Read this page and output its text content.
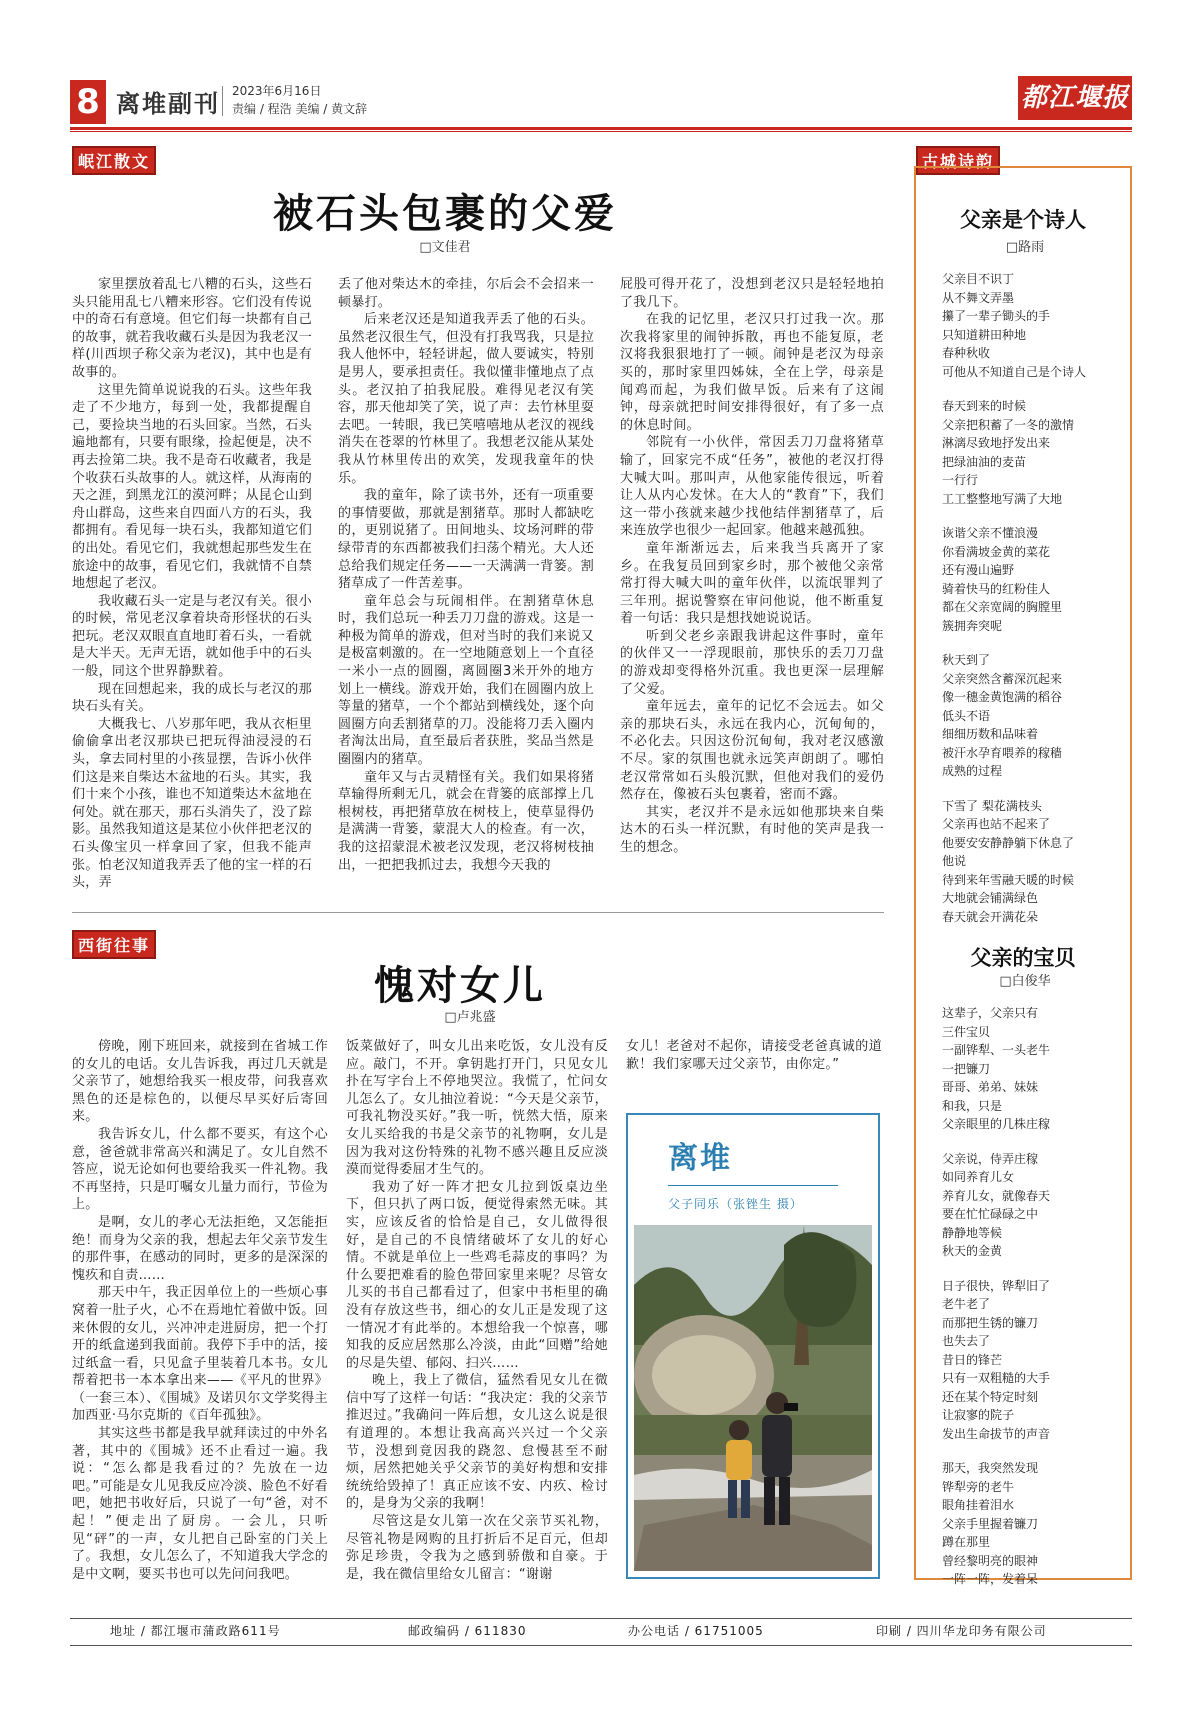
8 离堆副刊 2023年6月16日
责编 / 程浩 美编 / 黄文辞	都江堰报
岷江散文
被石头包裹的父爱
□文佳君

家里摆放着乱七八糟的石头，这些石头只能用乱七八糟来形容。它们没有传说中的奇石有意境。但它们每一块都有自己的故事，就若我收藏石头是因为我老汉一样(川西坝子称父亲为老汉)，其中也是有故事的。

这里先简单说说我的石头。这些年我走了不少地方，每到一处，我都提醒自己，要捡块当地的石头回家。当然，石头遍地都有，只要有眼缘，捡起便是，决不再去捡第二块。我不是奇石收藏者，我是个收获石头故事的人。就这样，从海南的天之涯，到黑龙江的漠河畔；从昆仑山到舟山群岛，这些来自四面八方的石头，我都拥有。看见每一块石头，我都知道它们的出处。看见它们，我就想起那些发生在旅途中的故事，看见它们，我就情不自禁地想起了老汉。

我收藏石头一定是与老汉有关。很小的时候，常见老汉拿着块奇形怪状的石头把玩。老汉双眼直直地盯着石头，一看就是大半天。无声无语，就如他手中的石头一般，同这个世界静默着。

现在回想起来，我的成长与老汉的那块石头有关。

大概我七、八岁那年吧，我从衣柜里偷偷拿出老汉那块已把玩得油浸浸的石头，拿去同村里的小孩显摆，告诉小伙伴们这是来自柴达木盆地的石头。其实，我们十来个小孩，谁也不知道柴达木盆地在何处。就在那天，那石头消失了，没了踪影。虽然我知道这是某位小伙伴把老汉的石头像宝贝一样拿回了家，但我不能声张。怕老汉知道我弄丢了他的宝一样的石头，弄

丢了他对柴达木的牵挂，尔后会不会招来一顿暴打。

后来老汉还是知道我弄丢了他的石头。虽然老汉很生气，但没有打我骂我，只是拉我人他怀中，轻轻讲起，做人要诚实，特别是男人，要承担责任。我似懂非懂地点了点头。老汉拍了拍我屁股。难得见老汉有笑容，那天他却笑了笑，说了声：去竹林里耍去吧。一转眼，我已笑嘻嘻地从老汉的视线消失在苍翠的竹林里了。我想老汉能从某处我从竹林里传出的欢笑，发现我童年的快乐。

我的童年，除了读书外，还有一项重要的事情要做，那就是割猪草。那时人都缺吃的，更别说猪了。田间地头、坟场河畔的带绿带青的东西都被我们扫荡个精光。大人还总给我们规定任务——一天满满一背篓。割猪草成了一件苦差事。

童年总会与玩闹相伴。在割猪草休息时，我们总玩一种丢刀刀盘的游戏。这是一种极为简单的游戏，但对当时的我们来说又是极富刺激的。在一空地随意划上一个直径一米小一点的圆圈，离圆圈3米开外的地方划上一横线。游戏开始，我们在圆圈内放上等量的猪草，一个个都站到横线处，逐个向圆圈方向丢割猪草的刀。没能将刀丢入圈内者淘汰出局，直至最后者获胜，奖品当然是圈圈内的猪草。

童年又与古灵精怪有关。我们如果将猪草输得所剩无几，就会在背篓的底部撑上几根树枝，再把猪草放在树枝上，使草显得仍是满满一背篓，蒙混大人的检查。有一次，我的这招蒙混术被老汉发现，老汉将树枝抽出，一把把我抓过去，我想今天我的

屁股可得开花了，没想到老汉只是轻轻地拍了我几下。

在我的记忆里，老汉只打过我一次。那次我将家里的闹钟拆散，再也不能复原，老汉将我狠狠地打了一顿。闹钟是老汉为母亲买的，那时家里四姊妹，全在上学，母亲是闻鸡而起，为我们做早饭。后来有了这闹钟，母亲就把时间安排得很好，有了多一点的休息时间。

邻院有一小伙伴，常因丢刀刀盘将猪草输了，回家完不成“任务”，被他的老汉打得大喊大叫。那叫声，从他家能传很远，听着让人从内心发怵。在大人的“教育”下，我们这一带小孩就来越少找他结伴割猪草了，后来连放学也很少一起回家。他越来越孤独。

童年渐渐远去，后来我当兵离开了家乡。在我复员回到家乡时，那个被他父亲常常打得大喊大叫的童年伙伴，以流氓罪判了三年刑。据说警察在审问他说，他不断重复着一句话：我只是想找她说说话。

听到父老乡亲跟我讲起这件事时，童年的伙伴又一一浮现眼前，那快乐的丢刀刀盘的游戏却变得格外沉重。我也更深一层理解了父爱。

童年远去，童年的记忆不会远去。如父亲的那块石头，永远在我内心，沉甸甸的，不必化去。只因这份沉甸甸，我对老汉感激不尽。家的氛围也就永远笑声朗朗了。哪怕老汉常常如石头般沉默，但他对我们的爱仍然存在，像被石头包裹着，密而不露。

其实，老汉并不是永远如他那块来自柴达木的石头一样沉默，有时他的笑声是我一生的想念。

西街往事
愧对女儿
□卢兆盛

傍晚，刚下班回来，就接到在省城工作的女儿的电话。女儿告诉我，再过几天就是父亲节了，她想给我买一根皮带，问我喜欢黑色的还是棕色的，以便尽早买好后寄回来。

我告诉女儿，什么都不要买，有这个心意，爸爸就非常高兴和满足了。女儿自然不答应，说无论如何也要给我买一件礼物。我不再坚持，只是叮嘱女儿量力而行，节俭为上。

是啊，女儿的孝心无法拒绝，又怎能拒绝！而身为父亲的我，想起去年父亲节发生的那件事，在感动的同时，更多的是深深的愧疚和自责……

那天中午，我正因单位上的一些烦心事窝着一肚子火，心不在焉地忙着做中饭。回来休假的女儿，兴冲冲走进厨房，把一个打开的纸盒递到我面前。我停下手中的活，接过纸盒一看，只见盒子里装着几本书。女儿帮着把书一本本拿出来——《平凡的世界》（一套三本）、《围城》及诺贝尔文学奖得主加西亚·马尔克斯的《百年孤独》。

其实这些书都是我早就拜读过的中外名著，其中的《围城》还不止看过一遍。我说：“怎么都是我看过的？先放在一边吧。”可能是女儿见我反应冷淡、脸色不好看吧，她把书收好后，只说了一句“爸，对不起！”便走出了厨房。一会儿，只听见“砰”的一声，女儿把自己卧室的门关上了。我想，女儿怎么了，不知道我大学念的是中文啊，要买书也可以先问问我吧。

饭菜做好了，叫女儿出来吃饭，女儿没有反应。敲门，不开。拿钥匙打开门，只见女儿扑在写字台上不停地哭泣。我慌了，忙问女儿怎么了。女儿抽泣着说：“今天是父亲节，可我礼物没买好。”我一听，恍然大悟，原来女儿买给我的书是父亲节的礼物啊，女儿是因为我对这份特殊的礼物不感兴趣且反应淡漠而觉得委屈才生气的。

我劝了好一阵才把女儿拉到饭桌边坐下，但只扒了两口饭，便觉得索然无味。其实，应该反省的恰恰是自己，女儿做得很好，是自己的不良情绪破坏了女儿的好心情。不就是单位上一些鸡毛蒜皮的事吗？为什么要把难看的脸色带回家里来呢？尽管女儿买的书自己都看过了，但家中书柜里的确没有存放这些书，细心的女儿正是发现了这一情况才有此举的。本想给我一个惊喜，哪知我的反应居然那么冷淡，由此“回赠”给她的尽是失望、郁闷、扫兴……

晚上，我上了微信，猛然看见女儿在微信中写了这样一句话：“我决定：我的父亲节推迟过。”我确问一阵后想，女儿这么说是很有道理的。本想让我高高兴兴过一个父亲节，没想到竟因我的跷忽、怠慢甚至不耐烦，居然把她关乎父亲节的美好构想和安排统统给毁掉了！真正应该不安、内疚、检讨的，是身为父亲的我啊！

尽管这是女儿第一次在父亲节买礼物，尽管礼物是网购的且打折后不足百元，但却弥足珍贵，令我为之感到骄傲和自豪。于是，我在微信里给女儿留言：“谢谢

女儿！老爸对不起你，请接受老爸真诚的道歉！我们家哪天过父亲节，由你定。”

离堆
父子同乐（张锉生 摄）
古城诗韵
父亲是个诗人
□路雨
父亲目不识丁
从不舞文弄墨
攥了一辈子锄头的手
只知道耕田种地
春种秋收
可他从不知道自己是个诗人
春天到来的时候
父亲把积蓄了一冬的激情
淋漓尽致地抒发出来
把绿油油的麦苗
一行行
工工整整地写满了大地
诙谐父亲不懂浪漫
你看满坡金黄的菜花
还有漫山遍野
骑着快马的红粉佳人
都在父亲宽阔的胸膛里
簇拥奔突呢
秋天到了
父亲突然含蓄深沉起来
像一穗金黄饱满的稻谷
低头不语
细细历数和品味着
被汗水孕育喂养的稼穑
成熟的过程
下雪了 梨花满枝头
父亲再也站不起来了
他要安安静静躺下休息了
他说
待到来年雪融天暖的时候
大地就会铺满绿色
春天就会开满花朵
父亲的宝贝
□白俊华
这辈子，父亲只有
三件宝贝
一副铧犁、一头老牛
一把镰刀
哥哥、弟弟、妹妹
和我，只是
父亲眼里的几株庄稼
父亲说，侍弄庄稼
如同养育儿女
养育儿女，就像春天
要在忙忙碌碌之中
静静地等候
秋天的金黄
日子很快，铧犁旧了
老牛老了
而那把生锈的镰刀
也失去了
昔日的锋芒
只有一双粗糙的大手
还在某个特定时刻
让寂寥的院子
发出生命拔节的声音
那天，我突然发现
铧犁旁的老牛
眼角挂着泪水
父亲手里握着镰刀
蹲在那里
曾经黎明亮的眼神
一阵一阵，发着呆
地址 / 都江堰市蒲政路611号	邮政编码 / 611830	办公电话 / 61751005	印刷 / 四川华龙印务有限公司
